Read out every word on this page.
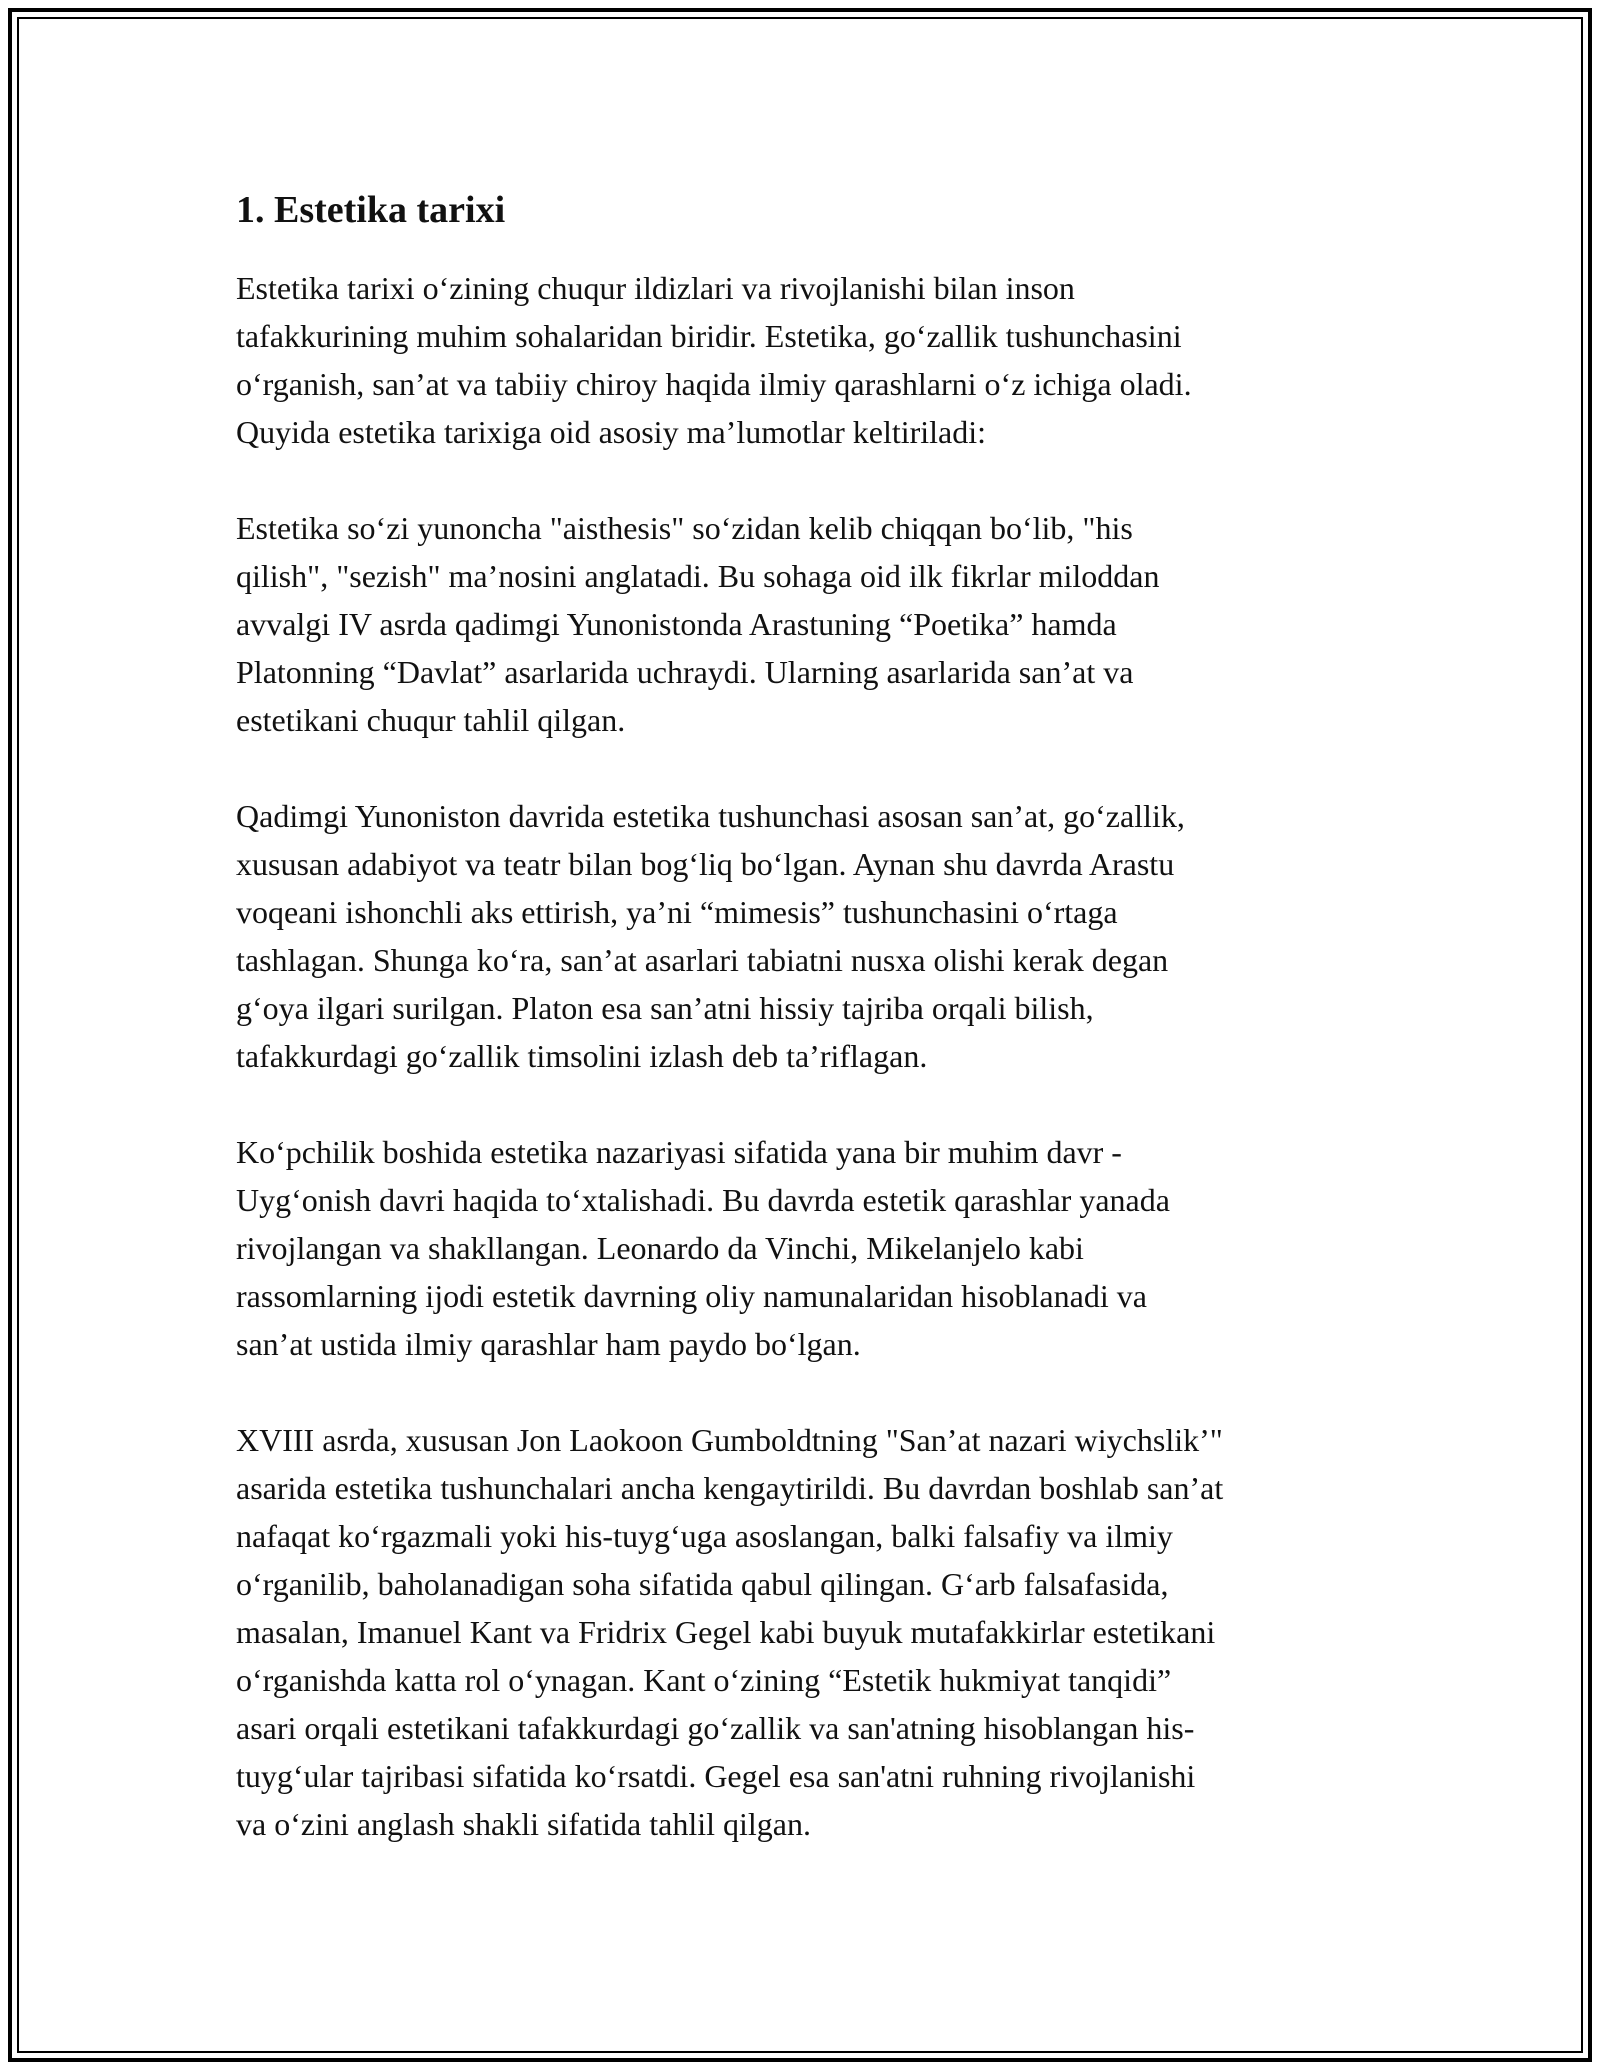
1. Estetika tarixi

Estetika tarixi o‘zining chuqur ildizlari va rivojlanishi bilan inson
tafakkurining muhim sohalaridan biridir. Estetika, go‘zallik tushunchasini
o‘rganish, san’at va tabiiy chiroy haqida ilmiy qarashlarni o‘z ichiga oladi.
Quyida estetika tarixiga oid asosiy ma’lumotlar keltiriladi:

Estetika so‘zi yunoncha "aisthesis" so‘zidan kelib chiqqan bo‘lib, "his
qilish", "sezish" ma’nosini anglatadi. Bu sohaga oid ilk fikrlar miloddan
avvalgi IV asrda qadimgi Yunonistonda Arastuning “Poetika” hamda
Platonning “Davlat” asarlarida uchraydi. Ularning asarlarida san’at va
estetikani chuqur tahlil qilgan.

Qadimgi Yunoniston davrida estetika tushunchasi asosan san’at, go‘zallik,
xususan adabiyot va teatr bilan bog‘liq bo‘lgan. Aynan shu davrda Arastu
voqeani ishonchli aks ettirish, ya’ni “mimesis” tushunchasini o‘rtaga
tashlagan. Shunga ko‘ra, san’at asarlari tabiatni nusxa olishi kerak degan
g‘oya ilgari surilgan. Platon esa san’atni hissiy tajriba orqali bilish,
tafakkurdagi go‘zallik timsolini izlash deb ta’riflagan.

Ko‘pchilik boshida estetika nazariyasi sifatida yana bir muhim davr -
Uyg‘onish davri haqida to‘xtalishadi. Bu davrda estetik qarashlar yanada
rivojlangan va shakllangan. Leonardo da Vinchi, Mikelanjelo kabi
rassomlarning ijodi estetik davrning oliy namunalaridan hisoblanadi va
san’at ustida ilmiy qarashlar ham paydo bo‘lgan.

XVIII asrda, xususan Jon Laokoon Gumboldtning "San’at nazari wiychslik’"
asarida estetika tushunchalari ancha kengaytirildi. Bu davrdan boshlab san’at
nafaqat ko‘rgazmali yoki his-tuyg‘uga asoslangan, balki falsafiy va ilmiy
o‘rganilib, baholanadigan soha sifatida qabul qilingan. G‘arb falsafasida,
masalan, Imanuel Kant va Fridrix Gegel kabi buyuk mutafakkirlar estetikani
o‘rganishda katta rol o‘ynagan. Kant o‘zining “Estetik hukmiyat tanqidi”
asari orqali estetikani tafakkurdagi go‘zallik va san'atning hisoblangan his-
tuyg‘ular tajribasi sifatida ko‘rsatdi. Gegel esa san'atni ruhning rivojlanishi
va o‘zini anglash shakli sifatida tahlil qilgan.
